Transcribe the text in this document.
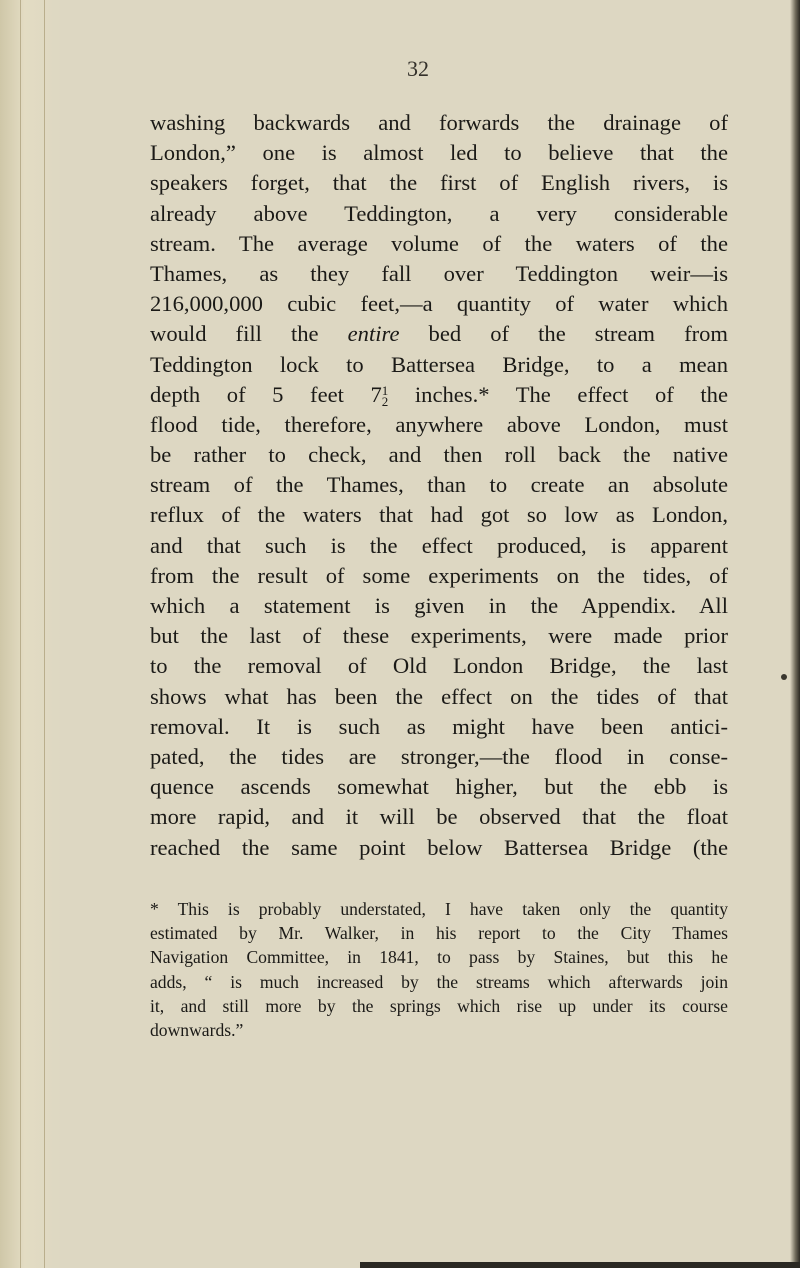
32
washing backwards and forwards the drainage of
London,” one is almost led to believe that the
speakers forget, that the first of English rivers, is
already above Teddington, a very considerable
stream. The average volume of the waters of the
Thames, as they fall over Teddington weir—is
216,000,000 cubic feet,—a quantity of water which
would fill the entire bed of the stream from
Teddington lock to Battersea Bridge, to a mean
depth of 5 feet 7 1
2 inches.* The effect of the
flood tide, therefore, anywhere above London, must
be rather to check, and then roll back the native
stream of the Thames, than to create an absolute
reflux of the waters that had got so low as London,
and that such is the effect produced, is apparent
from the result of some experiments on the tides, of
which a statement is given in the Appendix. All
but the last of these experiments, were made prior
to the removal of Old London Bridge, the last
shows what has been the effect on the tides of that
removal. It is such as might have been antici-
pated, the tides are stronger,—the flood in conse-
quence ascends somewhat higher, but the ebb is
more rapid, and it will be observed that the float
reached the same point below Battersea Bridge (the
* This is probably understated, I have taken only the quantity
estimated by Mr. Walker, in his report to the City Thames
Navigation Committee, in 1841, to pass by Staines, but this he
adds, “ is much increased by the streams which afterwards join
it, and still more by the springs which rise up under its course
downwards.”
